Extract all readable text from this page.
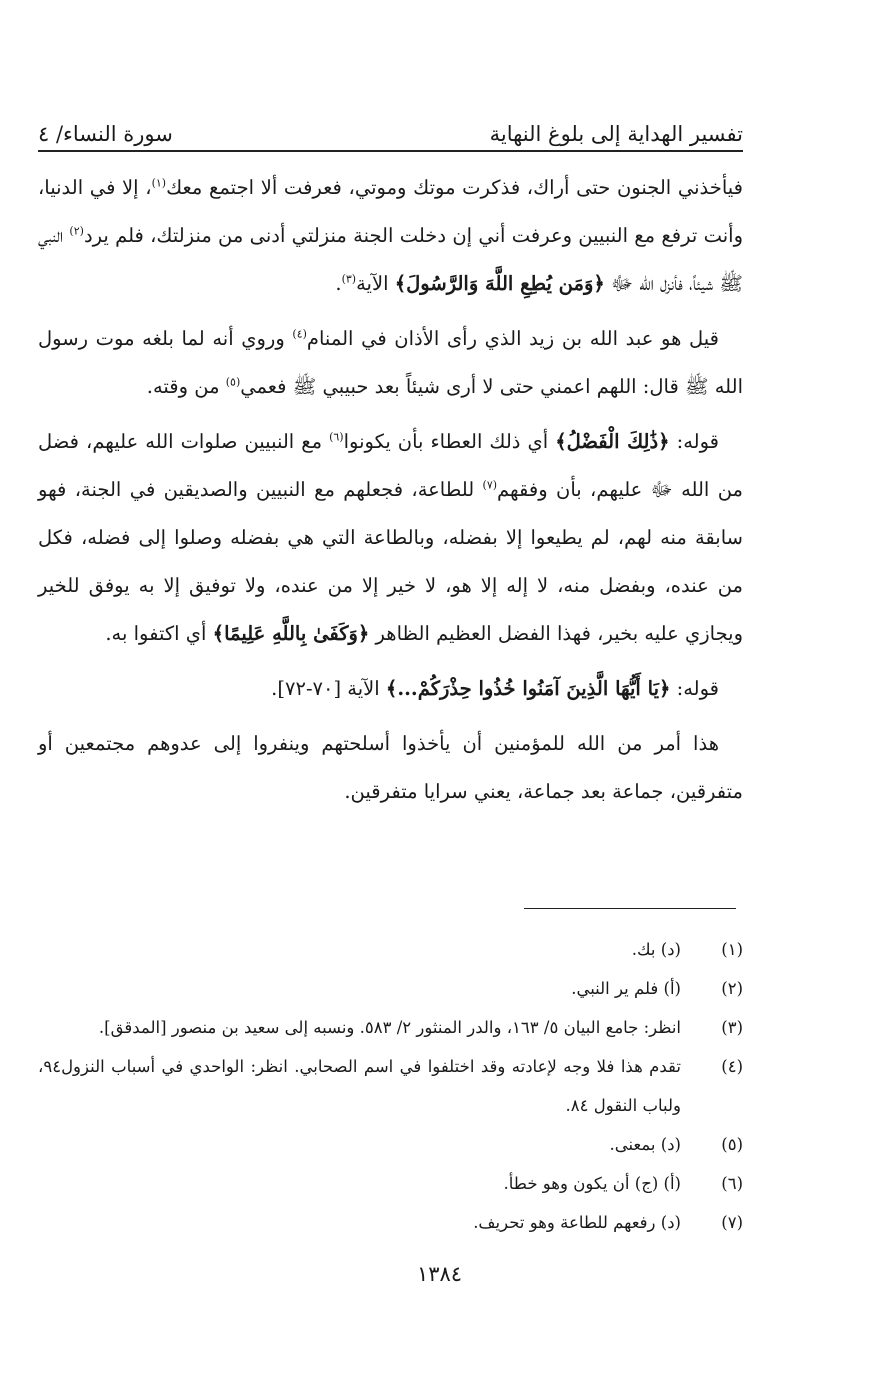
تفسير الهداية إلى بلوغ النهاية
سورة النساء/ ٤

فيأخذني الجنون حتى أراك، فذكرت موتك وموتي، فعرفت ألا اجتمع معك$^{(١)}$، إلا في الدنيا، وأنت ترفع مع النبيين وعرفت أني إن دخلت الجنة منزلتي أدنى من منزلتك، فلم يرد$^{(٢)}$ النبي ﷺ شيئاً، فأنزل الله ﷻ ﴿وَمَن يُطِعِ اللَّهَ وَالرَّسُولَ﴾ الآية$^{(٣)}$.

قيل هو عبد الله بن زيد الذي رأى الأذان في المنام$^{(٤)}$ وروي أنه لما بلغه موت رسول الله ﷺ قال: اللهم اعمني حتى لا أرى شيئاً بعد حبيبي ﷺ فعمي$^{(٥)}$ من وقته.

قوله: ﴿ذَٰلِكَ الْفَضْلُ﴾ أي ذلك العطاء بأن يكونوا$^{(٦)}$ مع النبيين صلوات الله عليهم، فضل من الله ﷻ عليهم، بأن وفقهم$^{(٧)}$ للطاعة، فجعلهم مع النبيين والصديقين في الجنة، فهو سابقة منه لهم، لم يطيعوا إلا بفضله، وبالطاعة التي هي بفضله وصلوا إلى فضله، فكل من عنده، وبفضل منه، لا إله إلا هو، لا خير إلا من عنده، ولا توفيق إلا به يوفق للخير ويجازي عليه بخير، فهذا الفضل العظيم الظاهر ﴿وَكَفَىٰ بِاللَّهِ عَلِيمًا﴾ أي اكتفوا به.

قوله: ﴿يَا أَيُّهَا الَّذِينَ آمَنُوا خُذُوا حِذْرَكُمْ...﴾ الآية [٧٠-٧٢].

هذا أمر من الله للمؤمنين أن يأخذوا أسلحتهم وينفروا إلى عدوهم مجتمعين أو متفرقين، جماعة بعد جماعة، يعني سرايا متفرقين.

(١)
(د) بك.
(٢)
(أ) فلم ير النبي.
(٣)
انظر: جامع البيان ٥/ ١٦٣، والدر المنثور ٢/ ٥٨٣. ونسبه إلى سعيد بن منصور [المدقق].
(٤)
تقدم هذا فلا وجه لإعادته وقد اختلفوا في اسم الصحابي. انظر: الواحدي في أسباب النزول٩٤، ولباب النقول ٨٤.
(٥)
(د) بمعنى.
(٦)
(أ) (ج) أن يكون وهو خطأ.
(٧)
(د) رفعهم للطاعة وهو تحريف.
١٣٨٤
